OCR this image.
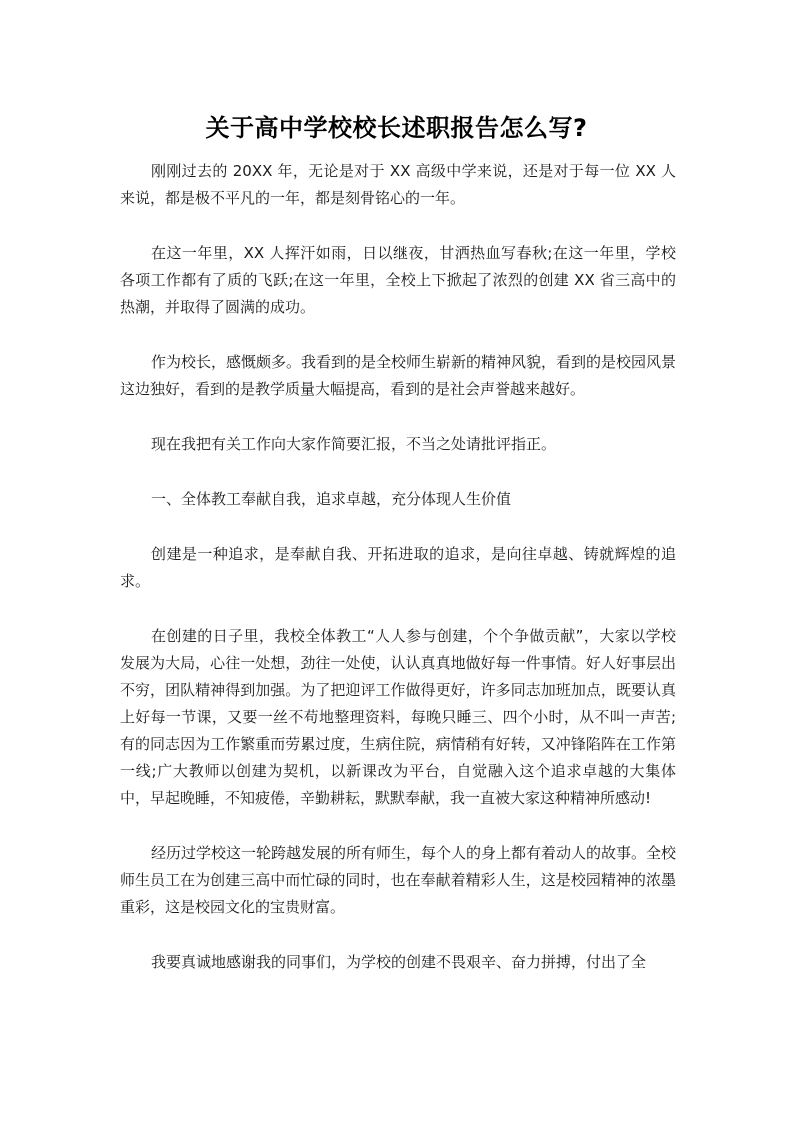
关于高中学校校长述职报告怎么写?

刚刚过去的 20XX 年，无论是对于 XX 高级中学来说，还是对于每一位 XX 人来说，都是极不平凡的一年，都是刻骨铭心的一年。

在这一年里，XX 人挥汗如雨，日以继夜，甘洒热血写春秋;在这一年里，学校各项工作都有了质的飞跃;在这一年里，全校上下掀起了浓烈的创建 XX 省三高中的热潮，并取得了圆满的成功。

作为校长，感慨颇多。我看到的是全校师生崭新的精神风貌，看到的是校园风景这边独好，看到的是教学质量大幅提高，看到的是社会声誉越来越好。

现在我把有关工作向大家作简要汇报，不当之处请批评指正。

一、全体教工奉献自我，追求卓越，充分体现人生价值

创建是一种追求，是奉献自我、开拓进取的追求，是向往卓越、铸就辉煌的追求。

在创建的日子里，我校全体教工“人人参与创建，个个争做贡献”，大家以学校发展为大局，心往一处想，劲往一处使，认认真真地做好每一件事情。好人好事层出不穷，团队精神得到加强。为了把迎评工作做得更好，许多同志加班加点，既要认真上好每一节课，又要一丝不苟地整理资料，每晚只睡三、四个小时，从不叫一声苦;有的同志因为工作繁重而劳累过度，生病住院，病情稍有好转，又冲锋陷阵在工作第一线;广大教师以创建为契机，以新课改为平台，自觉融入这个追求卓越的大集体中，早起晚睡，不知疲倦，辛勤耕耘，默默奉献，我一直被大家这种精神所感动!

经历过学校这一轮跨越发展的所有师生，每个人的身上都有着动人的故事。全校师生员工在为创建三高中而忙碌的同时，也在奉献着精彩人生，这是校园精神的浓墨重彩，这是校园文化的宝贵财富。

我要真诚地感谢我的同事们，为学校的创建不畏艰辛、奋力拼搏，付出了全
